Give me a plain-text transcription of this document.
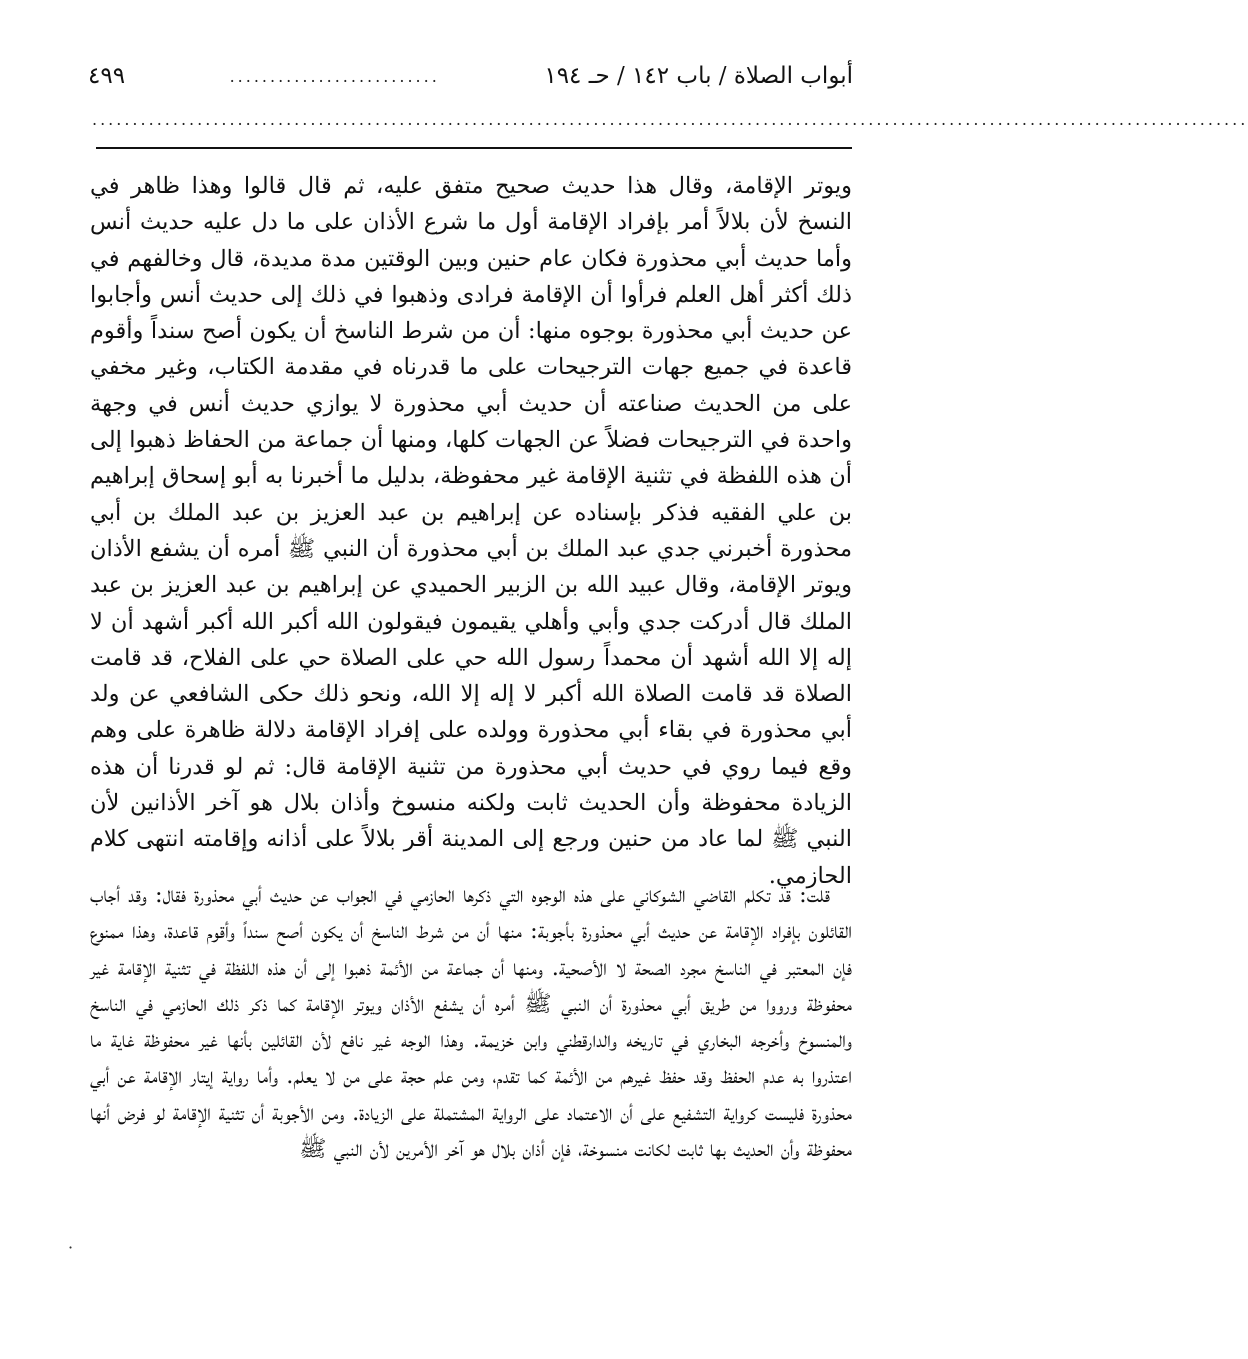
أبواب الصلاة / باب ١٤٢ / حـ ١٩٤
..........................
٤٩٩
...............................................................................................................................................

ويوتر الإقامة، وقال هذا حديث صحيح متفق عليه، ثم قال قالوا وهذا ظاهر في النسخ لأن بلالاً أمر بإفراد الإقامة أول ما شرع الأذان على ما دل عليه حديث أنس وأما حديث أبي محذورة فكان عام حنين وبين الوقتين مدة مديدة، قال وخالفهم في ذلك أكثر أهل العلم فرأوا أن الإقامة فرادى وذهبوا في ذلك إلى حديث أنس وأجابوا عن حديث أبي محذورة بوجوه منها: أن من شرط الناسخ أن يكون أصح سنداً وأقوم قاعدة في جميع جهات الترجيحات على ما قدرناه في مقدمة الكتاب، وغير مخفي على من الحديث صناعته أن حديث أبي محذورة لا يوازي حديث أنس في وجهة واحدة في الترجيحات فضلاً عن الجهات كلها، ومنها أن جماعة من الحفاظ ذهبوا إلى أن هذه اللفظة في تثنية الإقامة غير محفوظة، بدليل ما أخبرنا به أبو إسحاق إبراهيم بن علي الفقيه فذكر بإسناده عن إبراهيم بن عبد العزيز بن عبد الملك بن أبي محذورة أخبرني جدي عبد الملك بن أبي محذورة أن النبي ﷺ أمره أن يشفع الأذان ويوتر الإقامة، وقال عبيد الله بن الزبير الحميدي عن إبراهيم بن عبد العزيز بن عبد الملك قال أدركت جدي وأبي وأهلي يقيمون فيقولون الله أكبر الله أكبر أشهد أن لا إله إلا الله أشهد أن محمداً رسول الله حي على الصلاة حي على الفلاح، قد قامت الصلاة قد قامت الصلاة الله أكبر لا إله إلا الله، ونحو ذلك حكى الشافعي عن ولد أبي محذورة في بقاء أبي محذورة وولده على إفراد الإقامة دلالة ظاهرة على وهم وقع فيما روي في حديث أبي محذورة من تثنية الإقامة قال: ثم لو قدرنا أن هذه الزيادة محفوظة وأن الحديث ثابت ولكنه منسوخ وأذان بلال هو آخر الأذانين لأن النبي ﷺ لما عاد من حنين ورجع إلى المدينة أقر بلالاً على أذانه وإقامته انتهى كلام الحازمي.

قلت: قد تكلم القاضي الشوكاني على هذه الوجوه التي ذكرها الحازمي في الجواب عن حديث أبي محذورة فقال: وقد أجاب القائلون بإفراد الإقامة عن حديث أبي محذورة بأجوبة: منها أن من شرط الناسخ أن يكون أصح سنداً وأقوم قاعدة، وهذا ممنوع فإن المعتبر في الناسخ مجرد الصحة لا الأصحية. ومنها أن جماعة من الأئمة ذهبوا إلى أن هذه اللفظة في تثنية الإقامة غير محفوظة ورووا من طريق أبي محذورة أن النبي ﷺ أمره أن يشفع الأذان ويوتر الإقامة كما ذكر ذلك الحازمي في الناسخ والمنسوخ وأخرجه البخاري في تاريخه والدارقطني وابن خزيمة. وهذا الوجه غير نافع لأن القائلين بأنها غير محفوظة غاية ما اعتذروا به عدم الحفظ وقد حفظ غيرهم من الأئمة كما تقدم، ومن علم حجة على من لا يعلم. وأما رواية إيتار الإقامة عن أبي محذورة فليست كرواية التشفيع على أن الاعتماد على الرواية المشتملة على الزيادة. ومن الأجوبة أن تثنية الإقامة لو فرض أنها محفوظة وأن الحديث بها ثابت لكانت منسوخة، فإن أذان بلال هو آخر الأمرين لأن النبي ﷺ

·
